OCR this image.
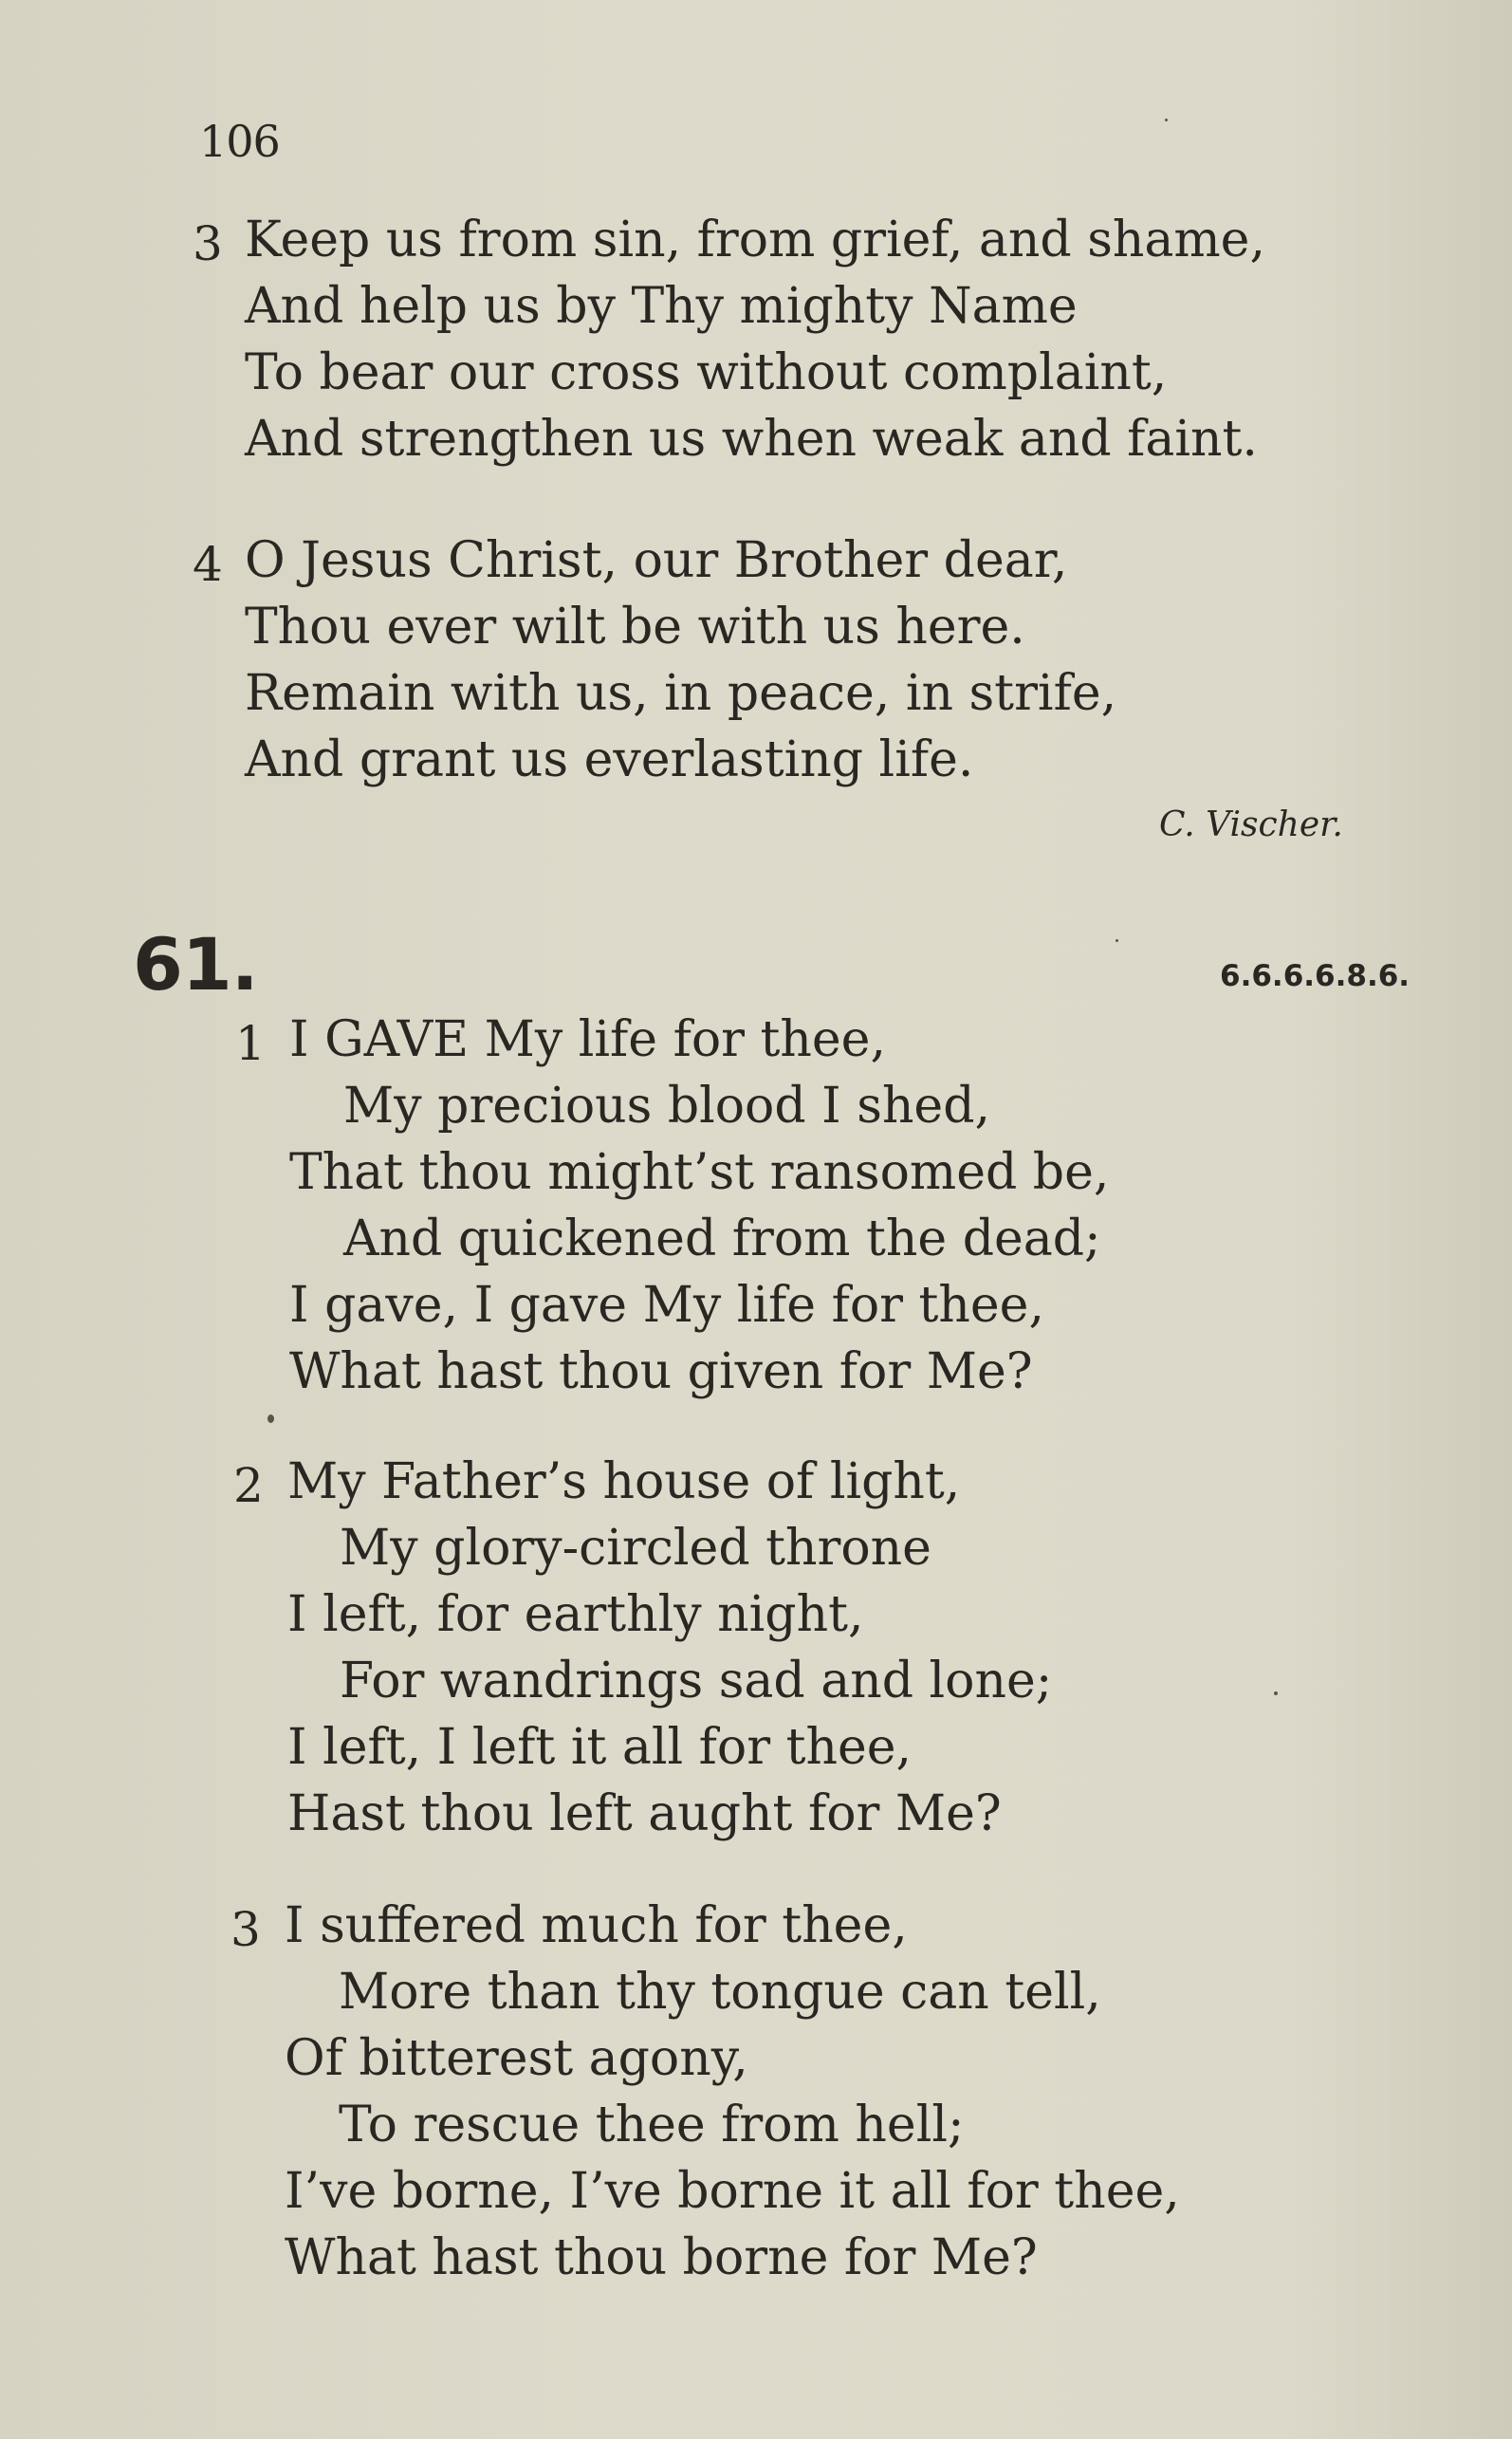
106
3 Keep us from sin, from grief, and shame,
And help us by Thy mighty Name
To bear our cross without complaint,
And strengthen us when weak and faint.
4 O Jesus Christ, our Brother dear,
Thou ever wilt be with us here.
Remain with us, in peace, in strife,
And grant us everlasting life.
C. Vischer.
61.	6.6.6.6.8.6.
1 I GAVE My life for thee,
My precious blood I shed,
That thou might’st ransomed be,
And quickened from the dead;
I gave, I gave My life for thee,
What hast thou given for Me?
2 My Father’s house of light,
My glory-circled throne
I left, for earthly night,
For wandrings sad and lone;
I left, I left it all for thee,
Hast thou left aught for Me?
3 I suffered much for thee,
More than thy tongue can tell,
Of bitterest agony,
To rescue thee from hell;
I’ve borne, I’ve borne it all for thee,
What hast thou borne for Me?
